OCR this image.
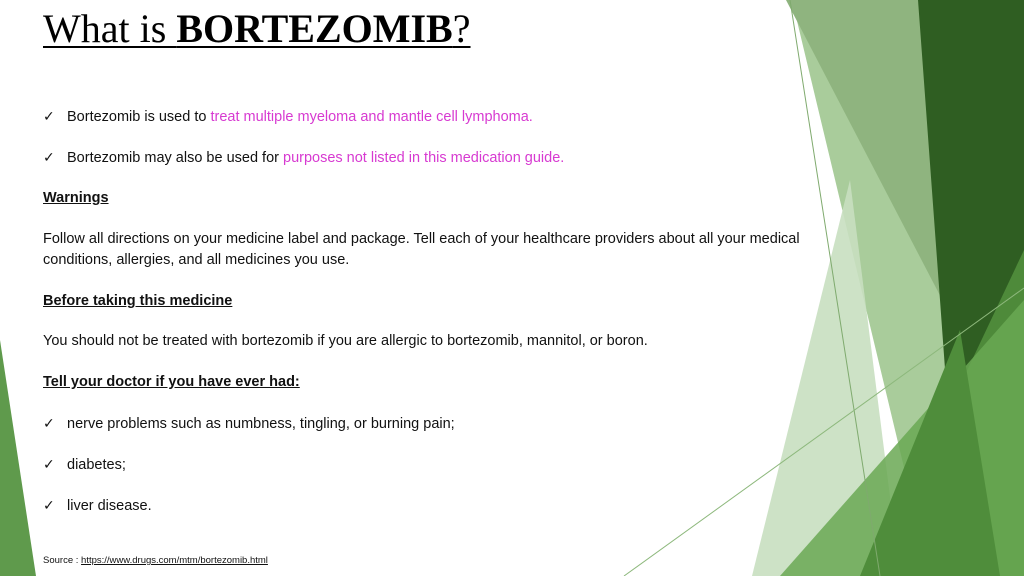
What is BORTEZOMIB?
✓ Bortezomib is used to treat multiple myeloma and mantle cell lymphoma.
✓ Bortezomib may also be used for purposes not listed in this medication guide.
Warnings
Follow all directions on your medicine label and package. Tell each of your healthcare providers about all your medical conditions, allergies, and all medicines you use.
Before taking this medicine
You should not be treated with bortezomib if you are allergic to bortezomib, mannitol, or boron.
Tell your doctor if you have ever had:
✓ nerve problems such as numbness, tingling, or burning pain;
✓ diabetes;
✓ liver disease.
Source : https://www.drugs.com/mtm/bortezomib.html
